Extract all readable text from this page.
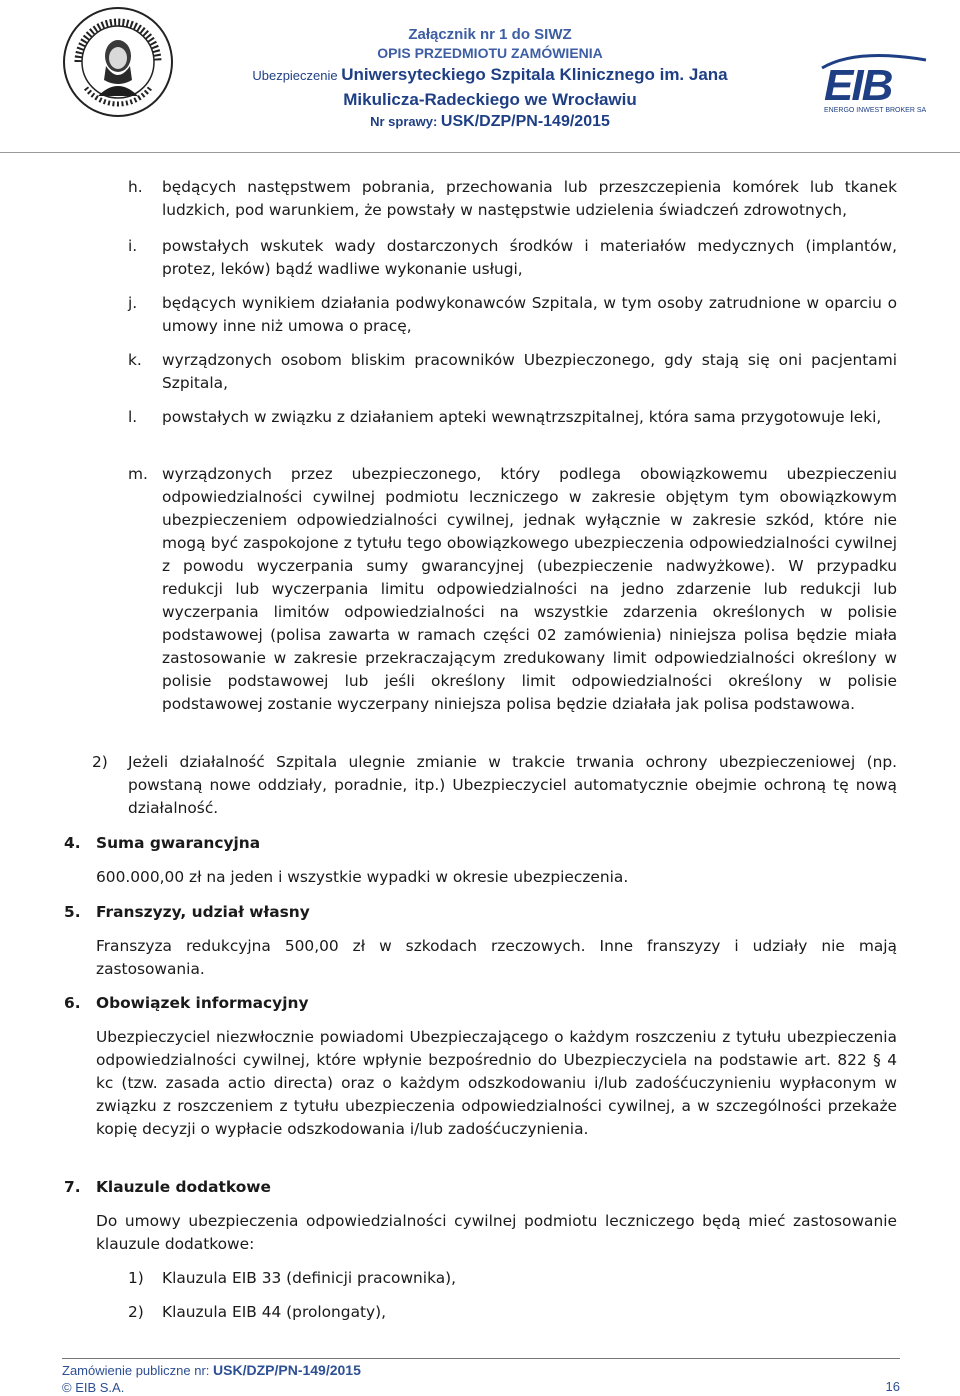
Załącznik nr 1 do SIWZ
OPIS PRZEDMIOTU ZAMÓWIENIA
Ubezpieczenie Uniwersyteckiego Szpitala Klinicznego im. Jana
Mikulicza-Radeckiego we Wrocławiu
Nr sprawy: USK/DZP/PN-149/2015
EIB
ENERGO INWEST BROKER SA
h. będących następstwem pobrania, przechowania lub przeszczepienia komórek lub tkanek ludzkich, pod warunkiem, że powstały w następstwie udzielenia świadczeń zdrowotnych,

i. powstałych wskutek wady dostarczonych środków i materiałów medycznych (implantów, protez, leków) bądź wadliwe wykonanie usługi,

j. będących wynikiem działania podwykonawców Szpitala, w tym osoby zatrudnione w oparciu o umowy inne niż umowa o pracę,

k. wyrządzonych osobom bliskim pracowników Ubezpieczonego, gdy stają się oni pacjentami Szpitala,

l. powstałych w związku z działaniem apteki wewnątrzszpitalnej, która sama przygotowuje leki,

m. wyrządzonych przez ubezpieczonego, który podlega obowiązkowemu ubezpieczeniu odpowiedzialności cywilnej podmiotu leczniczego w zakresie objętym tym obowiązkowym ubezpieczeniem odpowiedzialności cywilnej, jednak wyłącznie w zakresie szkód, które nie mogą być zaspokojone z tytułu tego obowiązkowego ubezpieczenia odpowiedzialności cywilnej z powodu wyczerpania sumy gwarancyjnej (ubezpieczenie nadwyżkowe). W przypadku redukcji lub wyczerpania limitu odpowiedzialności na jedno zdarzenie lub redukcji lub wyczerpania limitów odpowiedzialności na wszystkie zdarzenia określonych w polisie podstawowej (polisa zawarta w ramach części 02 zamówienia) niniejsza polisa będzie miała zastosowanie w zakresie przekraczającym zredukowany limit odpowiedzialności określony w polisie podstawowej lub jeśli określony limit odpowiedzialności określony w polisie podstawowej zostanie wyczerpany niniejsza polisa będzie działała jak polisa podstawowa.

2) Jeżeli działalność Szpitala ulegnie zmianie w trakcie trwania ochrony ubezpieczeniowej (np. powstaną nowe oddziały, poradnie, itp.) Ubezpieczyciel automatycznie obejmie ochroną tę nową działalność.

4. Suma gwarancyjna

600.000,00 zł na jeden i wszystkie wypadki w okresie ubezpieczenia.

5. Franszyzy, udział własny

Franszyza redukcyjna 500,00 zł w szkodach rzeczowych. Inne franszyzy i udziały nie mają zastosowania.

6. Obowiązek informacyjny

Ubezpieczyciel niezwłocznie powiadomi Ubezpieczającego o każdym roszczeniu z tytułu ubezpieczenia odpowiedzialności cywilnej, które wpłynie bezpośrednio do Ubezpieczyciela na podstawie art. 822 § 4 kc (tzw. zasada actio directa) oraz o każdym odszkodowaniu i/lub zadośćuczynieniu wypłaconym w związku z roszczeniem z tytułu ubezpieczenia odpowiedzialności cywilnej, a w szczególności przekaże kopię decyzji o wypłacie odszkodowania i/lub zadośćuczynienia.

7. Klauzule dodatkowe

Do umowy ubezpieczenia odpowiedzialności cywilnej podmiotu leczniczego będą mieć zastosowanie klauzule dodatkowe:

1) Klauzula EIB 33 (definicji pracownika),

2) Klauzula EIB 44 (prolongaty),

Zamówienie publiczne nr: USK/DZP/PN-149/2015
© EIB S.A.	16
